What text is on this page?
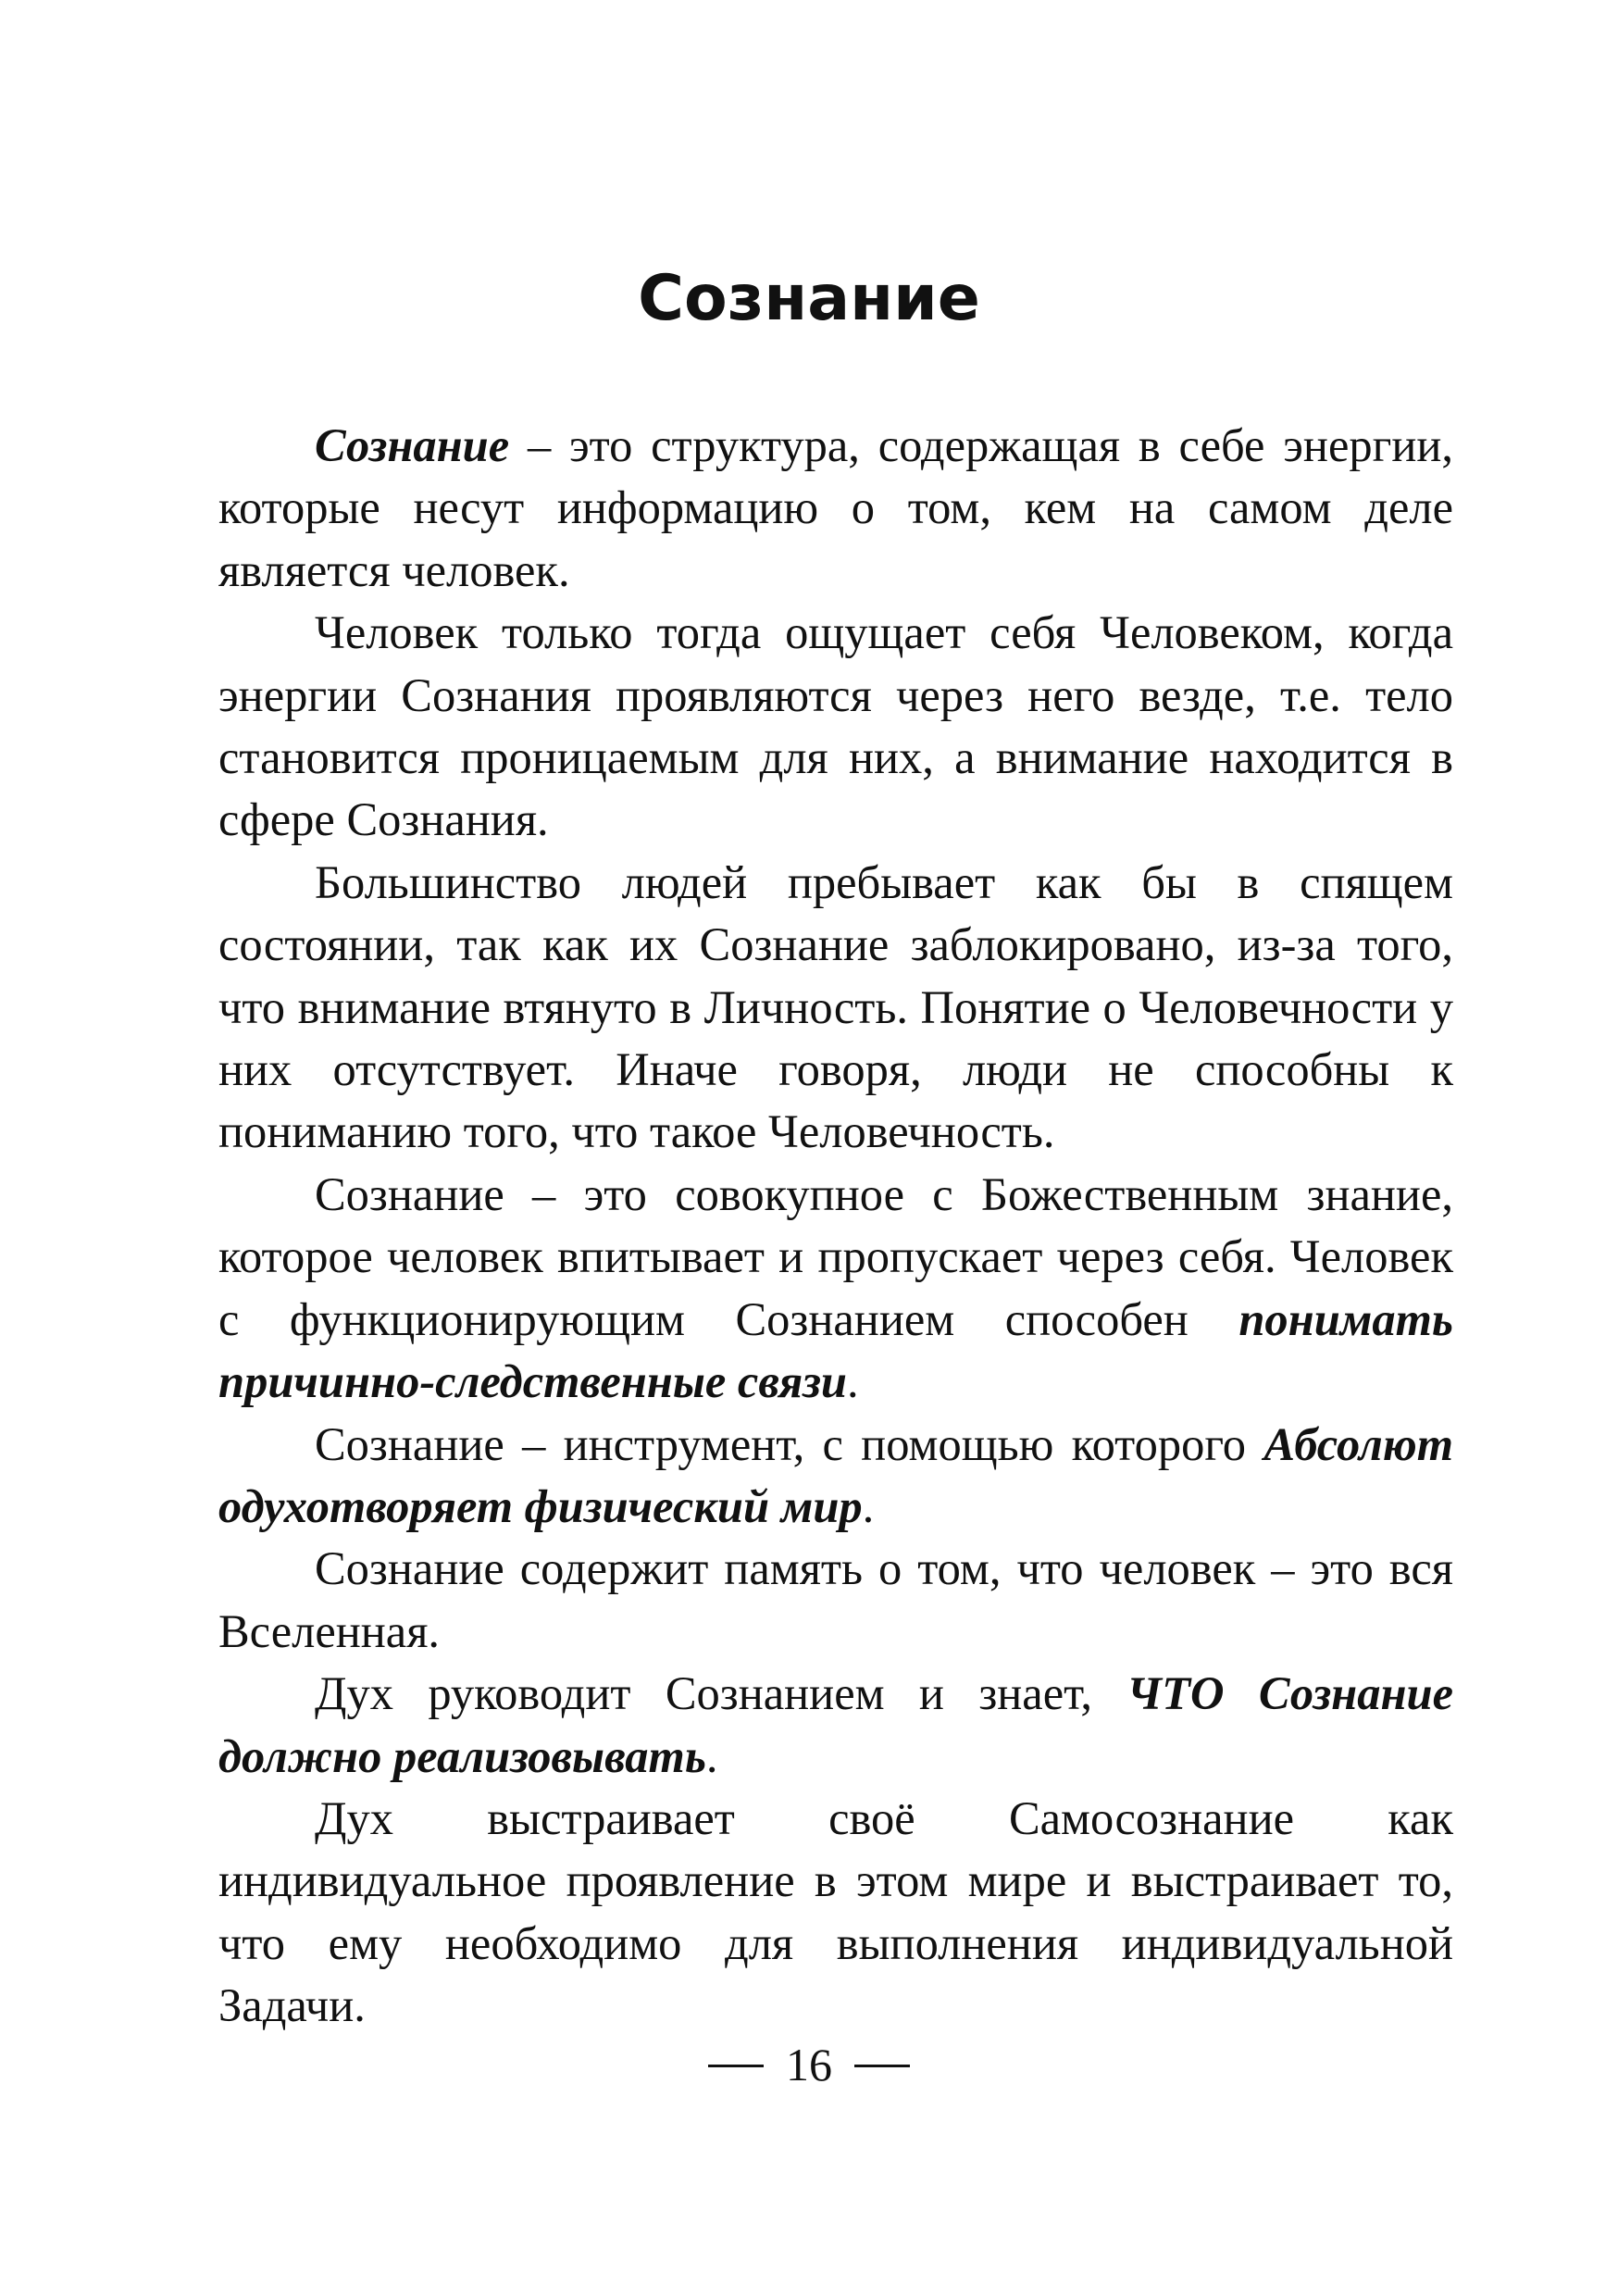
Сознание

Сознание – это структура, содержащая в себе энергии, которые несут информацию о том, кем на самом деле является человек.

Человек только тогда ощущает себя Человеком, когда энергии Сознания проявляются через него везде, т.е. тело становится проницаемым для них, а внимание находится в сфере Сознания.

Большинство людей пребывает как бы в спящем состоянии, так как их Сознание заблокировано, из-за того, что внимание втянуто в Личность. Понятие о Человечности у них отсутствует. Иначе говоря, люди не способны к пониманию того, что такое Человечность.

Сознание – это совокупное с Божественным знание, которое человек впитывает и пропускает через себя. Человек с функционирующим Сознанием способен понимать причинно-следственные связи.

Сознание – инструмент, с помощью которого Абсолют одухотворяет физический мир.

Сознание содержит память о том, что человек – это вся Вселенная.

Дух руководит Сознанием и знает, ЧТО Сознание должно реализовывать.

Дух выстраивает своё Самосознание как индивидуальное проявление в этом мире и выстраивает то, что ему необходимо для выполнения индивидуальной Задачи.

16
